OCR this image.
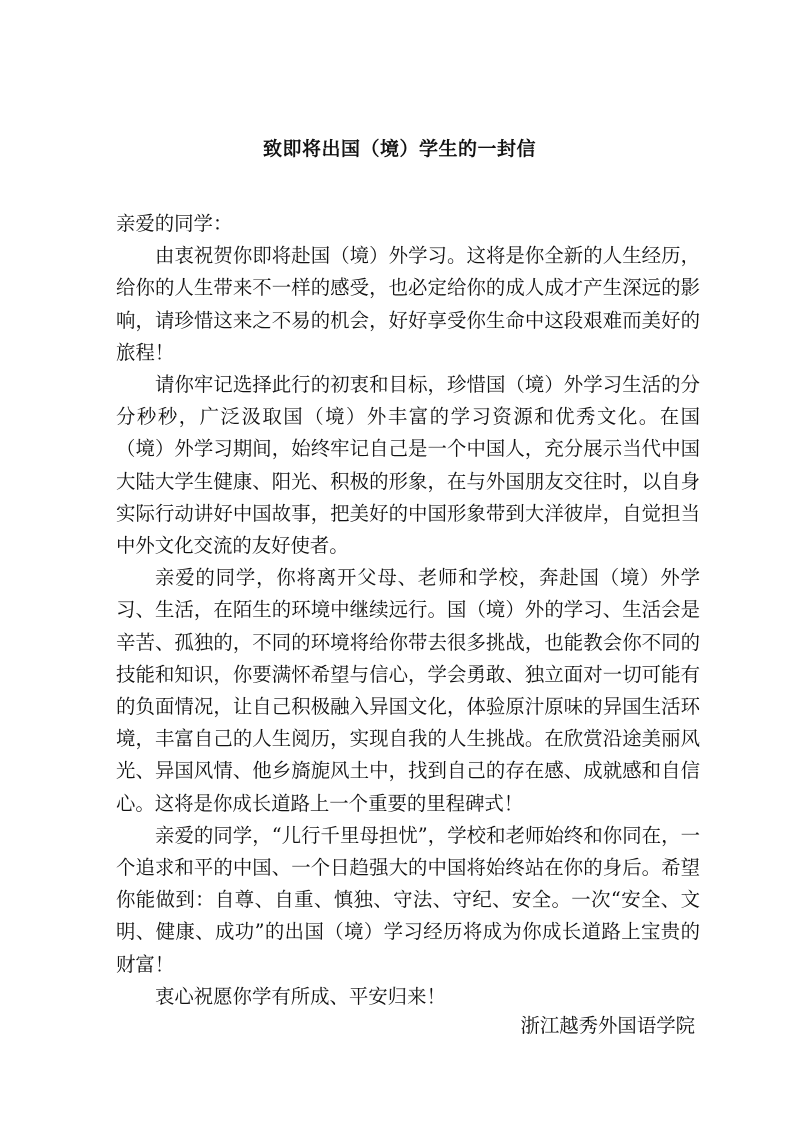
致即将出国（境）学生的一封信

亲爱的同学：

由衷祝贺你即将赴国（境）外学习。这将是你全新的人生经历，给你的人生带来不一样的感受，也必定给你的成人成才产生深远的影响，请珍惜这来之不易的机会，好好享受你生命中这段艰难而美好的旅程！

请你牢记选择此行的初衷和目标，珍惜国（境）外学习生活的分分秒秒，广泛汲取国（境）外丰富的学习资源和优秀文化。在国（境）外学习期间，始终牢记自己是一个中国人，充分展示当代中国大陆大学生健康、阳光、积极的形象，在与外国朋友交往时，以自身实际行动讲好中国故事，把美好的中国形象带到大洋彼岸，自觉担当中外文化交流的友好使者。

亲爱的同学，你将离开父母、老师和学校，奔赴国（境）外学习、生活，在陌生的环境中继续远行。国（境）外的学习、生活会是辛苦、孤独的，不同的环境将给你带去很多挑战，也能教会你不同的技能和知识，你要满怀希望与信心，学会勇敢、独立面对一切可能有的负面情况，让自己积极融入异国文化，体验原汁原味的异国生活环境，丰富自己的人生阅历，实现自我的人生挑战。在欣赏沿途美丽风光、异国风情、他乡旖旎风土中，找到自己的存在感、成就感和自信心。这将是你成长道路上一个重要的里程碑式！

亲爱的同学，“儿行千里母担忧”，学校和老师始终和你同在，一个追求和平的中国、一个日趋强大的中国将始终站在你的身后。希望你能做到：自尊、自重、慎独、守法、守纪、安全。一次“安全、文明、健康、成功”的出国（境）学习经历将成为你成长道路上宝贵的财富！

衷心祝愿你学有所成、平安归来！

浙江越秀外国语学院
